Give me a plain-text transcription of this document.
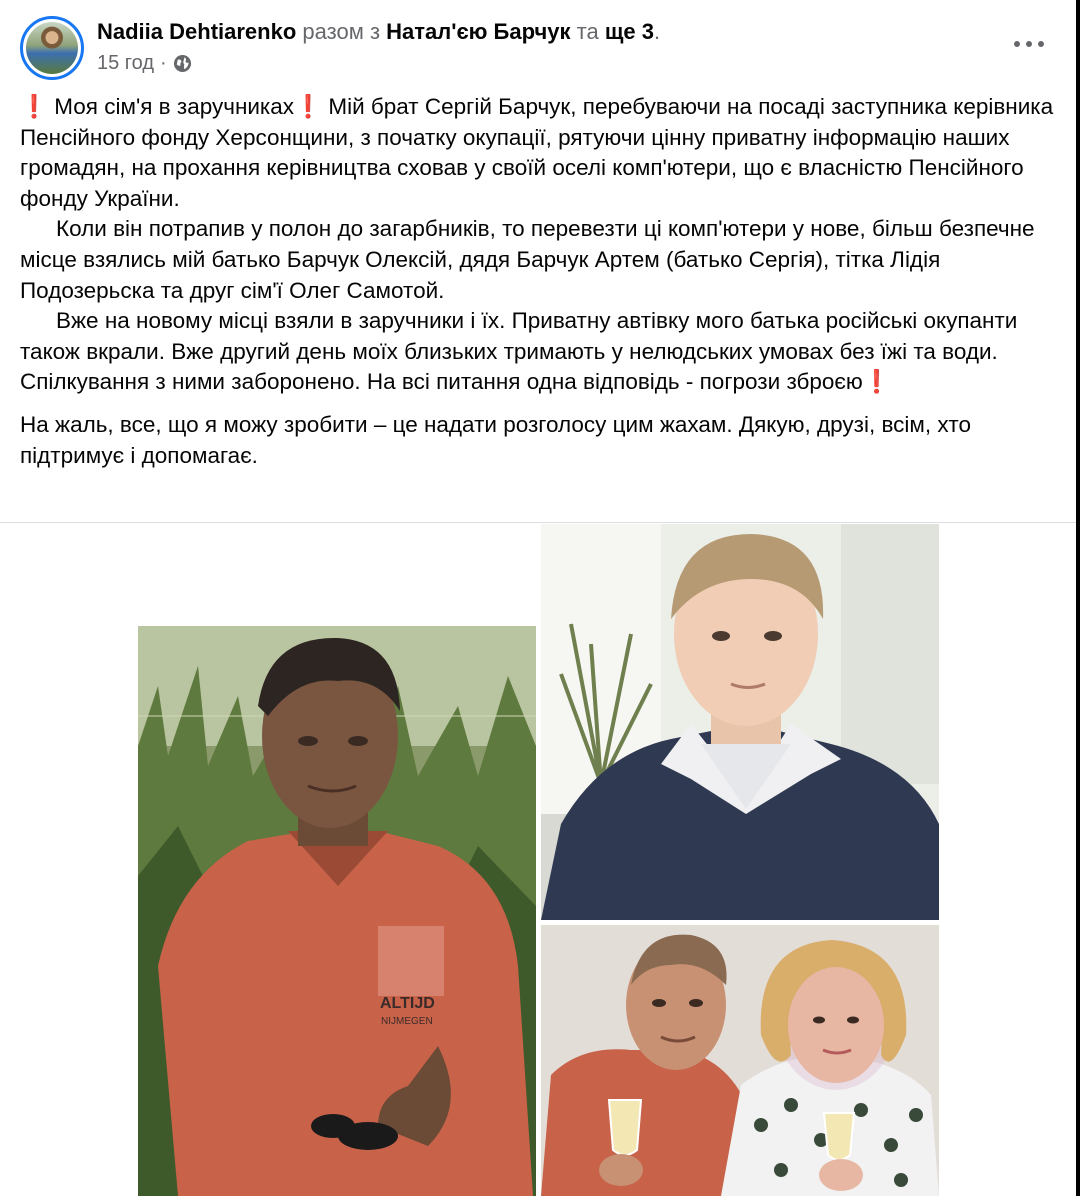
Nadiia Dehtiarenko разом з Натал'єю Барчук та ще 3.
15 год ·

❗ Моя сім'я в заручниках❗ Мій брат Сергій Барчук, перебуваючи на посаді заступника керівника Пенсійного фонду Херсонщини, з початку окупації, рятуючи цінну приватну інформацію наших громадян, на прохання керівництва сховав у своїй оселі комп'ютери, що є власністю Пенсійного фонду України.

Коли він потрапив у полон до загарбників, то перевезти ці комп'ютери у нове, більш безпечне місце взялись мій батько Барчук Олексій, дядя Барчук Артем (батько Сергія), тітка Лідія Подозерьска та друг сім'ї Олег Самотой.

Вже на новому місці взяли в заручники і їх. Приватну автівку мого батька російські окупанти також вкрали. Вже другий день моїх близьких тримають у нелюдських умовах без їжі та води. Спілкування з ними заборонено. На всі питання одна відповідь - погрози зброєю❗

На жаль, все, що я можу зробити – це надати розголосу цим жахам. Дякую, друзі, всім, хто підтримує і допомагає.

ALTIJD
NIJMEGEN
